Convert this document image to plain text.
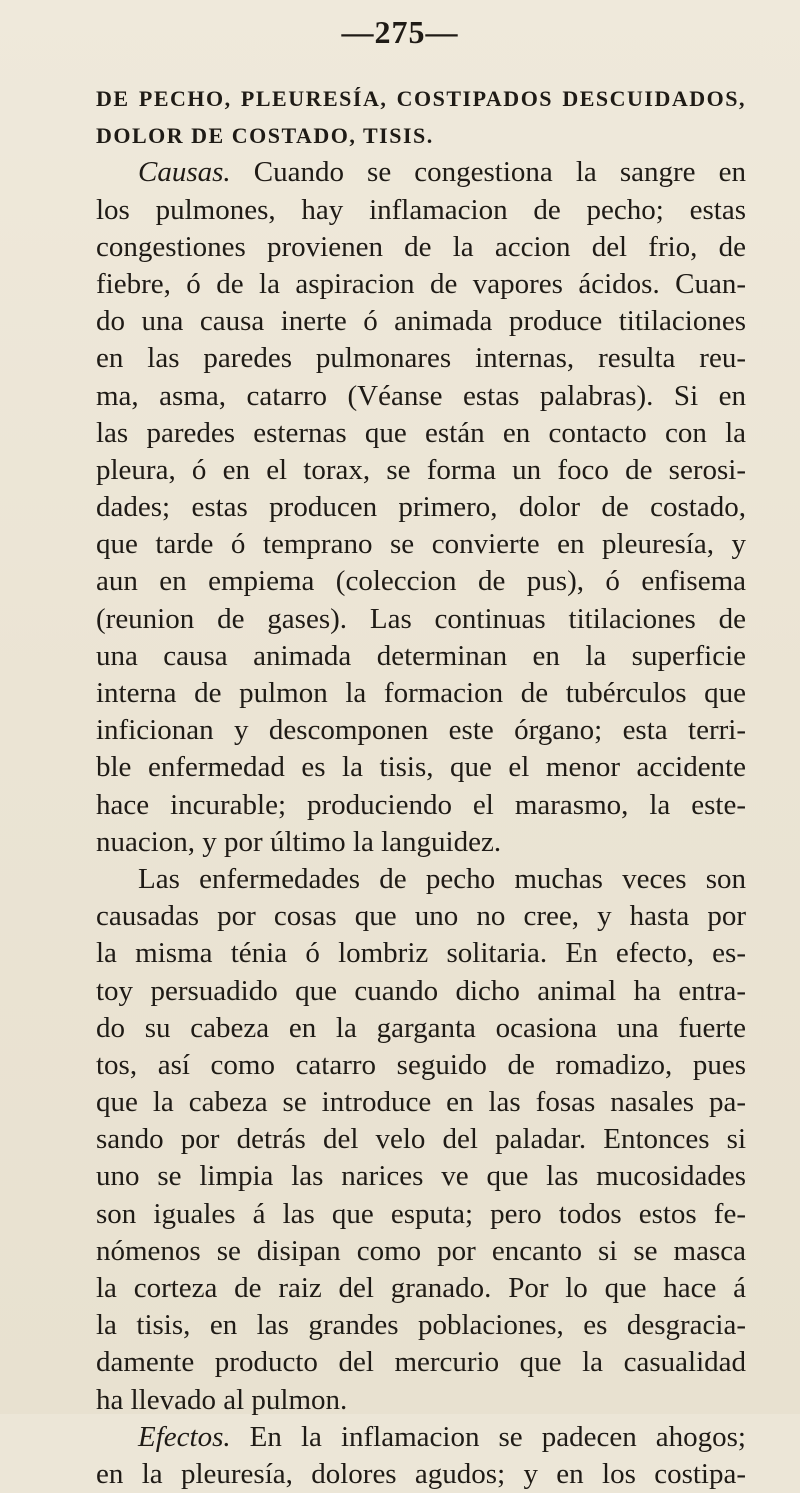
—275—
DE PECHO, PLEURESÍA, COSTIPADOS DESCUIDADOS,
DOLOR DE COSTADO, TISIS.
Causas. Cuando se congestiona la sangre en
los pulmones, hay inflamacion de pecho; estas
congestiones provienen de la accion del frio, de
fiebre, ó de la aspiracion de vapores ácidos. Cuan-
do una causa inerte ó animada produce titilaciones
en las paredes pulmonares internas, resulta reu-
ma, asma, catarro (Véanse estas palabras). Si en
las paredes esternas que están en contacto con la
pleura, ó en el torax, se forma un foco de serosi-
dades; estas producen primero, dolor de costado,
que tarde ó temprano se convierte en pleuresía, y
aun en empiema (coleccion de pus), ó enfisema
(reunion de gases). Las continuas titilaciones de
una causa animada determinan en la superficie
interna de pulmon la formacion de tubérculos que
inficionan y descomponen este órgano; esta terri-
ble enfermedad es la tisis, que el menor accidente
hace incurable; produciendo el marasmo, la este-
nuacion, y por último la languidez.
Las enfermedades de pecho muchas veces son
causadas por cosas que uno no cree, y hasta por
la misma ténia ó lombriz solitaria. En efecto, es-
toy persuadido que cuando dicho animal ha entra-
do su cabeza en la garganta ocasiona una fuerte
tos, así como catarro seguido de romadizo, pues
que la cabeza se introduce en las fosas nasales pa-
sando por detrás del velo del paladar. Entonces si
uno se limpia las narices ve que las mucosidades
son iguales á las que esputa; pero todos estos fe-
nómenos se disipan como por encanto si se masca
la corteza de raiz del granado. Por lo que hace á
la tisis, en las grandes poblaciones, es desgracia-
damente producto del mercurio que la casualidad
ha llevado al pulmon.
Efectos. En la inflamacion se padecen ahogos;
en la pleuresía, dolores agudos; y en los costipa-
